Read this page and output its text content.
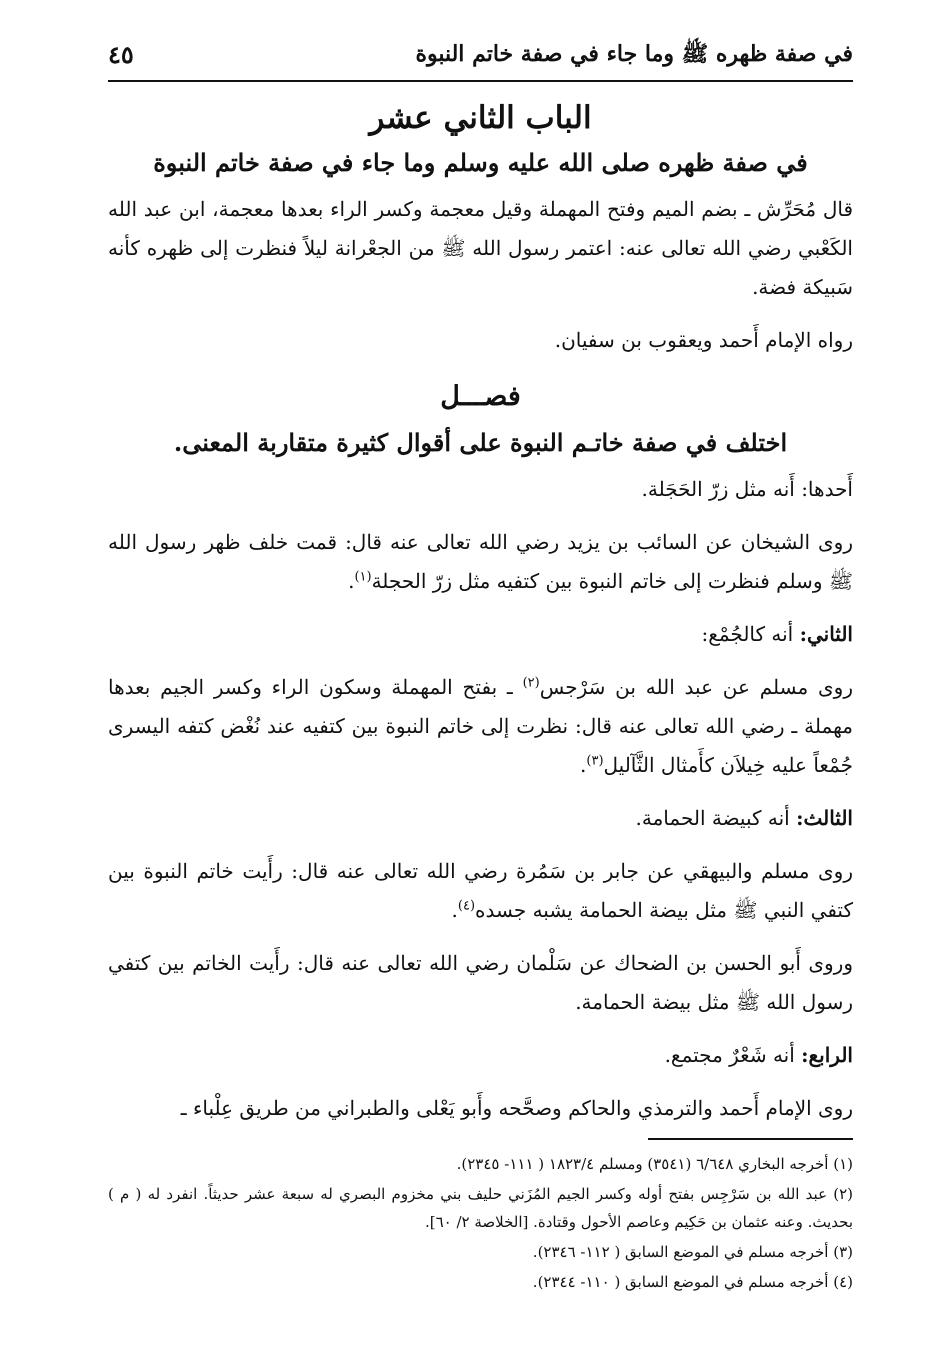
في صفة ظهره ﷺ وما جاء في صفة خاتم النبوة
٤٥
الباب الثاني عشر
في صفة ظهره صلى الله عليه وسلم وما جاء في صفة خاتم النبوة

قال مُحَرِّش ـ بضم الميم وفتح المهملة وقيل معجمة وكسر الراء بعدها معجمة، ابن عبد الله الكَعْبي رضي الله تعالى عنه: اعتمر رسول الله ﷺ من الجعْرانة ليلاً فنظرت إلى ظهره كأنه سَبيكة فضة.

رواه الإمام أَحمد ويعقوب بن سفيان.

فصـــل
اختلف في صفة خاتـم النبوة على أقوال كثيرة متقاربة المعنى.

أَحدها: أَنه مثل زرّ الحَجَلة.

روى الشيخان عن السائب بن يزيد رضي الله تعالى عنه قال: قمت خلف ظهر رسول الله ﷺ وسلم فنظرت إلى خاتم النبوة بين كتفيه مثل زرّ الحجلة$^{(١)}$.

الثاني: أنه كالجُمْع:

روى مسلم عن عبد الله بن سَرْجس$^{(٢)}$ ـ بفتح المهملة وسكون الراء وكسر الجيم بعدها مهملة ـ رضي الله تعالى عنه قال: نظرت إلى خاتم النبوة بين كتفيه عند نُغْض كتفه اليسرى جُمْعاً عليه خِيلاَن كأَمثال الثَّآليل$^{(٣)}$.

الثالث: أنه كبيضة الحمامة.

روى مسلم والبيهقي عن جابر بن سَمُرة رضي الله تعالى عنه قال: رأَيت خاتم النبوة بين كتفي النبي ﷺ مثل بيضة الحمامة يشبه جسده$^{(٤)}$.

وروى أَبو الحسن بن الضحاك عن سَلْمان رضي الله تعالى عنه قال: رأَيت الخاتم بين كتفي رسول الله ﷺ مثل بيضة الحمامة.

الرابع: أنه شَعْرٌ مجتمع.

روى الإمام أَحمد والترمذي والحاكم وصحَّحه وأَبو يَعْلى والطبراني من طريق عِلْباء ـ

(١) أخرجه البخاري ٦/٦٤٨ (٣٥٤١) ومسلم ١٨٢٣/٤ ( ١١١- ٢٣٤٥).
(٢) عبد الله بن سَرْجِس بفتح أوله وكسر الجيم المُزَني حليف بني مخزوم البصري له سبعة عشر حديثاً. انفرد له ( م ) بحديث. وعنه عثمان بن حَكِيم وعاصم الأحول وقتادة. [الخلاصة ٢/ ٦٠].
(٣) أخرجه مسلم في الموضع السابق ( ١١٢- ٢٣٤٦).
(٤) أخرجه مسلم في الموضع السابق ( ١١٠- ٢٣٤٤).
